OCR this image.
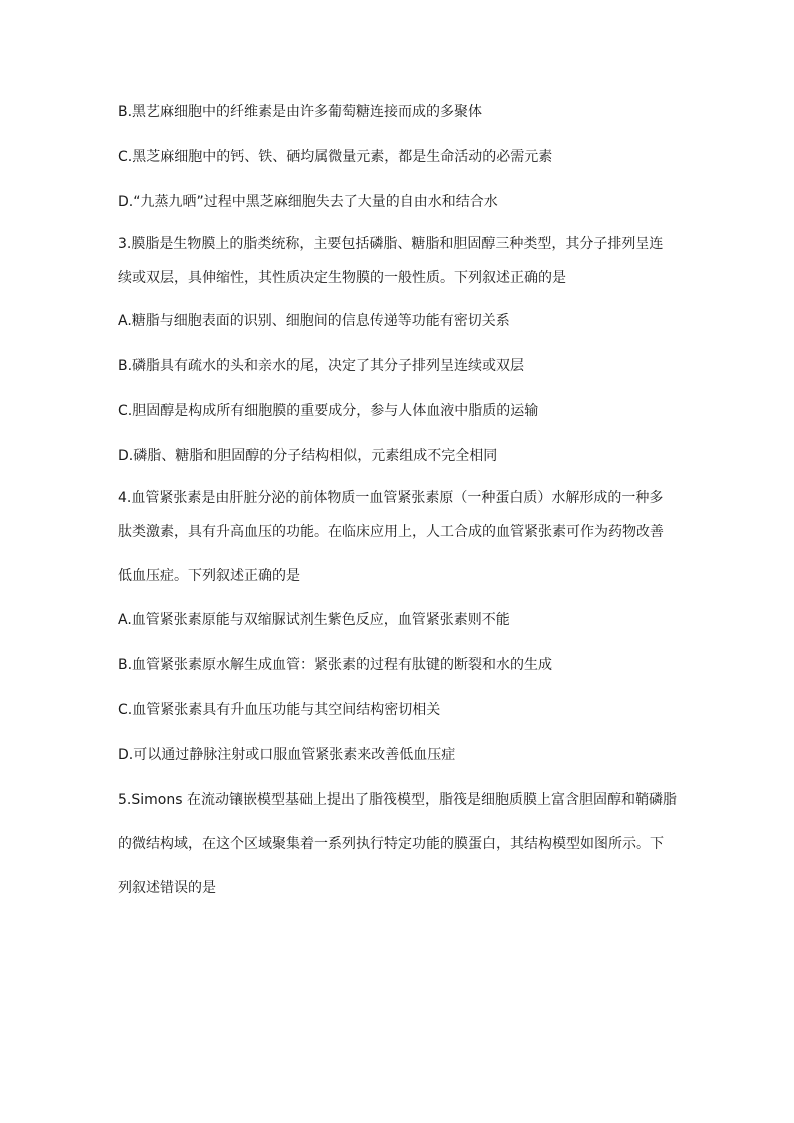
B.黑艺麻细胞中的纤维素是由许多葡萄糖连接而成的多聚体
C.黑芝麻细胞中的钙、铁、硒均属微量元素，都是生命活动的必需元素
D.“九蒸九晒”过程中黑芝麻细胞失去了大量的自由水和结合水
3.膜脂是生物膜上的脂类统称，主要包括磷脂、糖脂和胆固醇三种类型，其分子排列呈连
续或双层，具伸缩性，其性质决定生物膜的一般性质。下列叙述正确的是
A.糖脂与细胞表面的识别、细胞间的信息传递等功能有密切关系
B.磷脂具有疏水的头和亲水的尾，决定了其分子排列呈连续或双层
C.胆固醇是构成所有细胞膜的重要成分，参与人体血液中脂质的运输
D.磷脂、糖脂和胆固醇的分子结构相似，元素组成不完全相同
4.血管紧张素是由肝脏分泌的前体物质一血管紧张素原（一种蛋白质）水解形成的一种多
肽类激素，具有升高血压的功能。在临床应用上，人工合成的血管紧张素可作为药物改善
低血压症。下列叙述正确的是
A.血管紧张素原能与双缩脲试剂生紫色反应，血管紧张素则不能
B.血管紧张素原水解生成血管：紧张素的过程有肽键的断裂和水的生成
C.血管紧张素具有升血压功能与其空间结构密切相关
D.可以通过静脉注射或口服血管紧张素来改善低血压症
5.Simons 在流动镶嵌模型基础上提出了脂筏模型，脂筏是细胞质膜上富含胆固醇和鞘磷脂
的微结构域，在这个区域聚集着一系列执行特定功能的膜蛋白，其结构模型如图所示。下
列叙述错误的是
